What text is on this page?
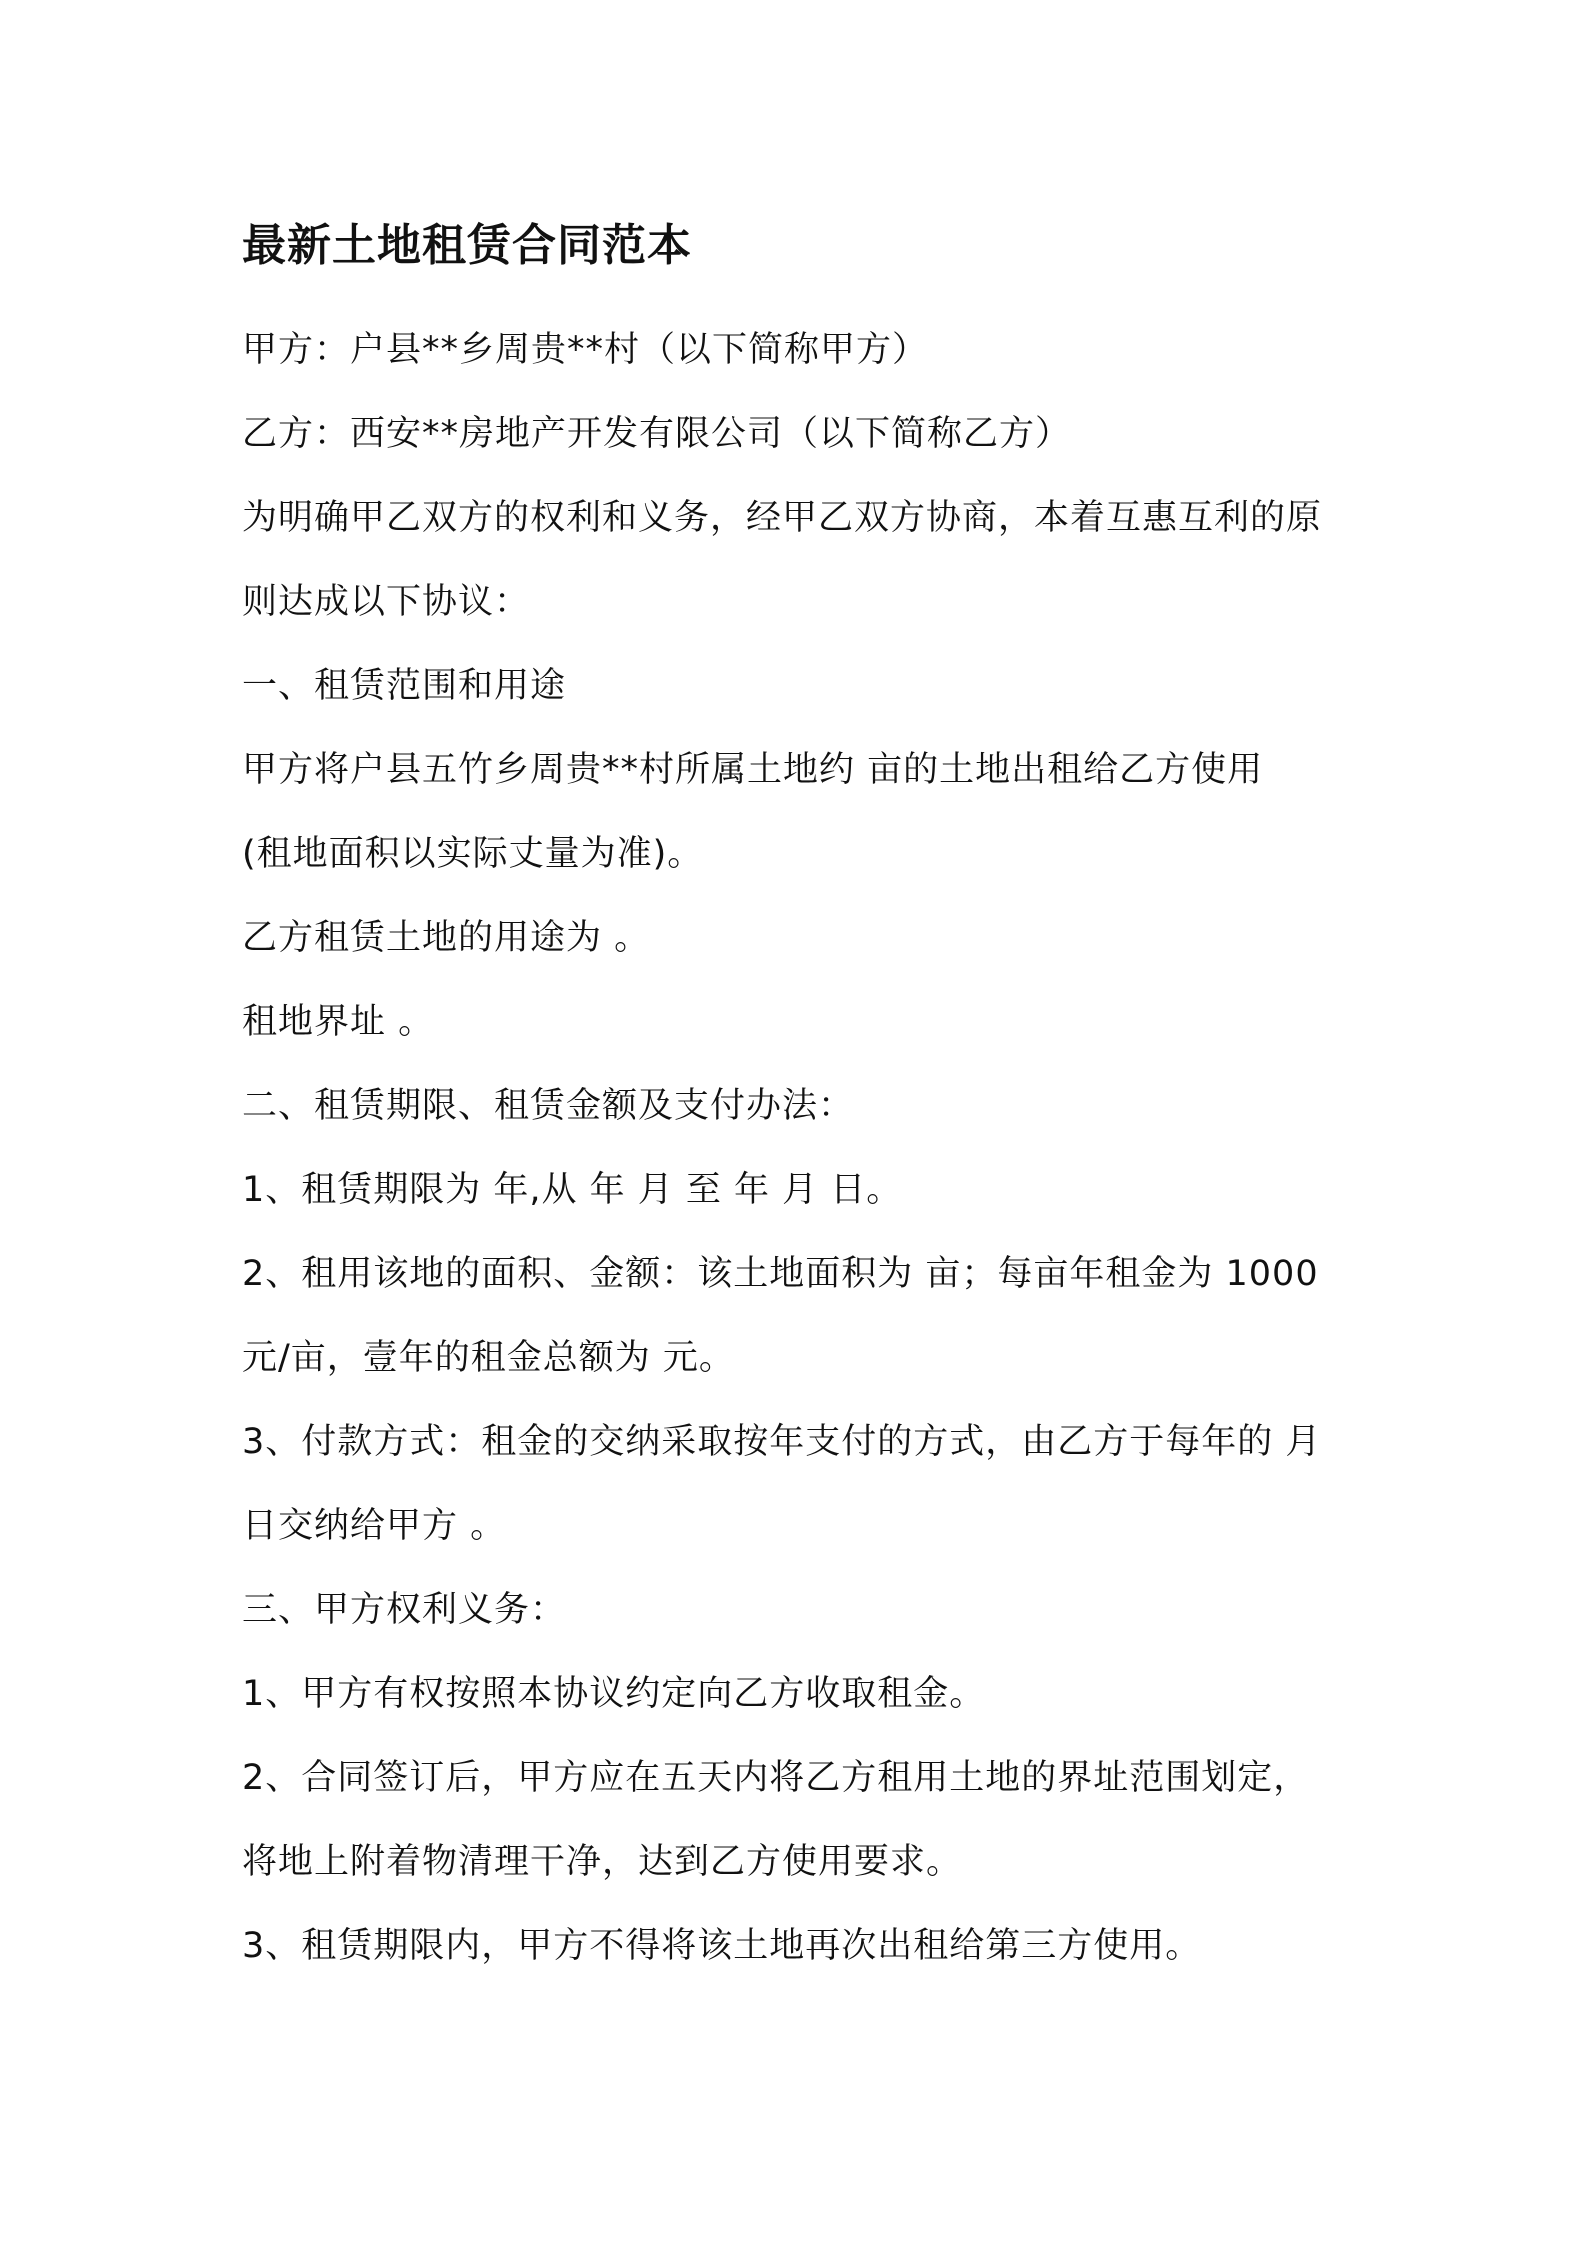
最新土地租赁合同范本

甲方：户县**乡周贵**村（以下简称甲方）

乙方：西安**房地产开发有限公司（以下简称乙方）

为明确甲乙双方的权利和义务，经甲乙双方协商，本着互惠互利的原

则达成以下协议：

一、租赁范围和用途

甲方将户县五竹乡周贵**村所属土地约 亩的土地出租给乙方使用

(租地面积以实际丈量为准)。

乙方租赁土地的用途为 。

租地界址 。

二、租赁期限、租赁金额及支付办法：

1、租赁期限为 年,从 年 月 至 年 月 日。

2、租用该地的面积、金额：该土地面积为 亩；每亩年租金为 1000

元/亩，壹年的租金总额为 元。

3、付款方式：租金的交纳采取按年支付的方式，由乙方于每年的 月

日交纳给甲方 。

三、甲方权利义务：

1、甲方有权按照本协议约定向乙方收取租金。

2、合同签订后，甲方应在五天内将乙方租用土地的界址范围划定，

将地上附着物清理干净，达到乙方使用要求。

3、租赁期限内，甲方不得将该土地再次出租给第三方使用。
